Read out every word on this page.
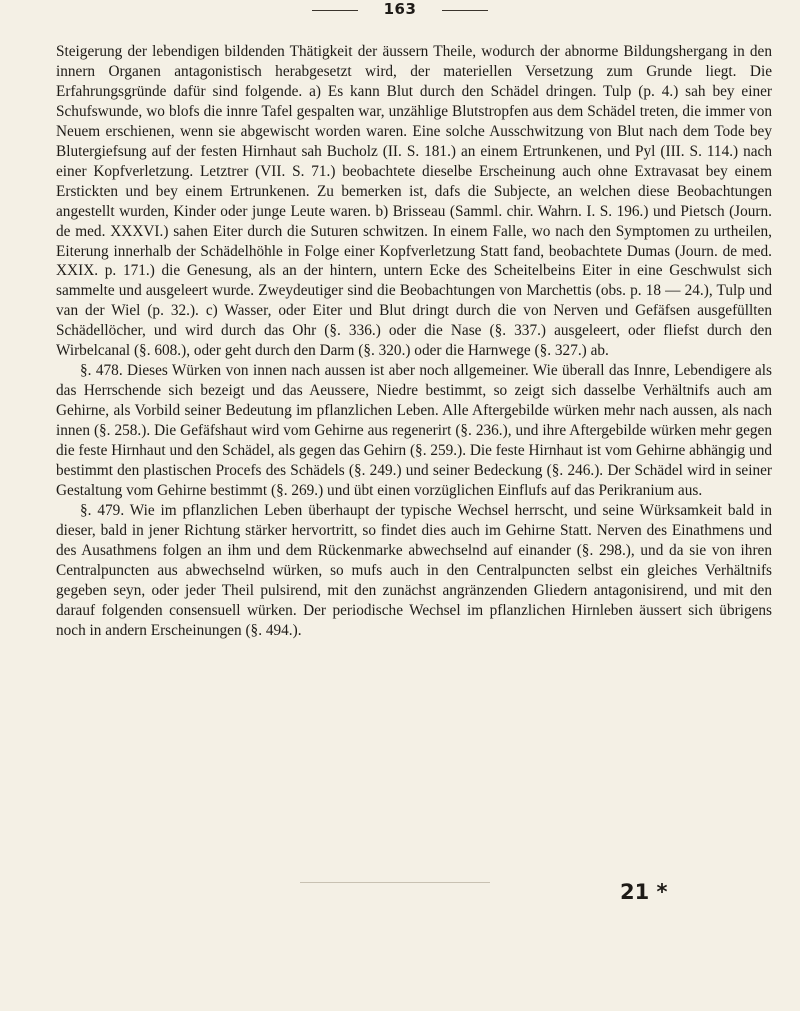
163

Steigerung der lebendigen bildenden Thätigkeit der äussern Theile, wodurch der abnorme Bildungshergang in den innern Organen antagonistisch herabgesetzt wird, der materiellen Versetzung zum Grunde liegt. Die Erfahrungsgründe dafür sind folgende. a) Es kann Blut durch den Schädel dringen. Tulp (p. 4.) sah bey einer Schufswunde, wo blofs die innre Tafel gespalten war, unzählige Blutstropfen aus dem Schädel treten, die immer von Neuem erschienen, wenn sie abgewischt worden waren. Eine solche Ausschwitzung von Blut nach dem Tode bey Blutergiefsung auf der festen Hirnhaut sah Bucholz (II. S. 181.) an einem Ertrunkenen, und Pyl (III. S. 114.) nach einer Kopfverletzung. Letztrer (VII. S. 71.) beobachtete dieselbe Erscheinung auch ohne Extravasat bey einem Erstickten und bey einem Ertrunkenen. Zu bemerken ist, dafs die Subjecte, an welchen diese Beobachtungen angestellt wurden, Kinder oder junge Leute waren. b) Brisseau (Samml. chir. Wahrn. I. S. 196.) und Pietsch (Journ. de med. XXXVI.) sahen Eiter durch die Suturen schwitzen. In einem Falle, wo nach den Symptomen zu urtheilen, Eiterung innerhalb der Schädelhöhle in Folge einer Kopfverletzung Statt fand, beobachtete Dumas (Journ. de med. XXIX. p. 171.) die Genesung, als an der hintern, untern Ecke des Scheitelbeins Eiter in eine Geschwulst sich sammelte und ausgeleert wurde. Zweydeutiger sind die Beobachtungen von Marchettis (obs. p. 18 — 24.), Tulp und van der Wiel (p. 32.). c) Wasser, oder Eiter und Blut dringt durch die von Nerven und Gefäfsen ausgefüllten Schädellöcher, und wird durch das Ohr (§. 336.) oder die Nase (§. 337.) ausgeleert, oder fliefst durch den Wirbelcanal (§. 608.), oder geht durch den Darm (§. 320.) oder die Harnwege (§. 327.) ab.

§. 478. Dieses Würken von innen nach aussen ist aber noch allgemeiner. Wie überall das Innre, Lebendigere als das Herrschende sich bezeigt und das Aeussere, Niedre bestimmt, so zeigt sich dasselbe Verhältnifs auch am Gehirne, als Vorbild seiner Bedeutung im pflanzlichen Leben. Alle Aftergebilde würken mehr nach aussen, als nach innen (§. 258.). Die Gefäfshaut wird vom Gehirne aus regenerirt (§. 236.), und ihre Aftergebilde würken mehr gegen die feste Hirnhaut und den Schädel, als gegen das Gehirn (§. 259.). Die feste Hirnhaut ist vom Gehirne abhängig und bestimmt den plastischen Procefs des Schädels (§. 249.) und seiner Bedeckung (§. 246.). Der Schädel wird in seiner Gestaltung vom Gehirne bestimmt (§. 269.) und übt einen vorzüglichen Einflufs auf das Perikranium aus.

§. 479. Wie im pflanzlichen Leben überhaupt der typische Wechsel herrscht, und seine Würksamkeit bald in dieser, bald in jener Richtung stärker hervortritt, so findet dies auch im Gehirne Statt. Nerven des Einathmens und des Ausathmens folgen an ihm und dem Rückenmarke abwechselnd auf einander (§. 298.), und da sie von ihren Centralpuncten aus abwechselnd würken, so mufs auch in den Centralpuncten selbst ein gleiches Verhältnifs gegeben seyn, oder jeder Theil pulsirend, mit den zunächst angränzenden Gliedern antagonisirend, und mit den darauf folgenden consensuell würken. Der periodische Wechsel im pflanzlichen Hirnleben äussert sich übrigens noch in andern Erscheinungen (§. 494.).

21 *
